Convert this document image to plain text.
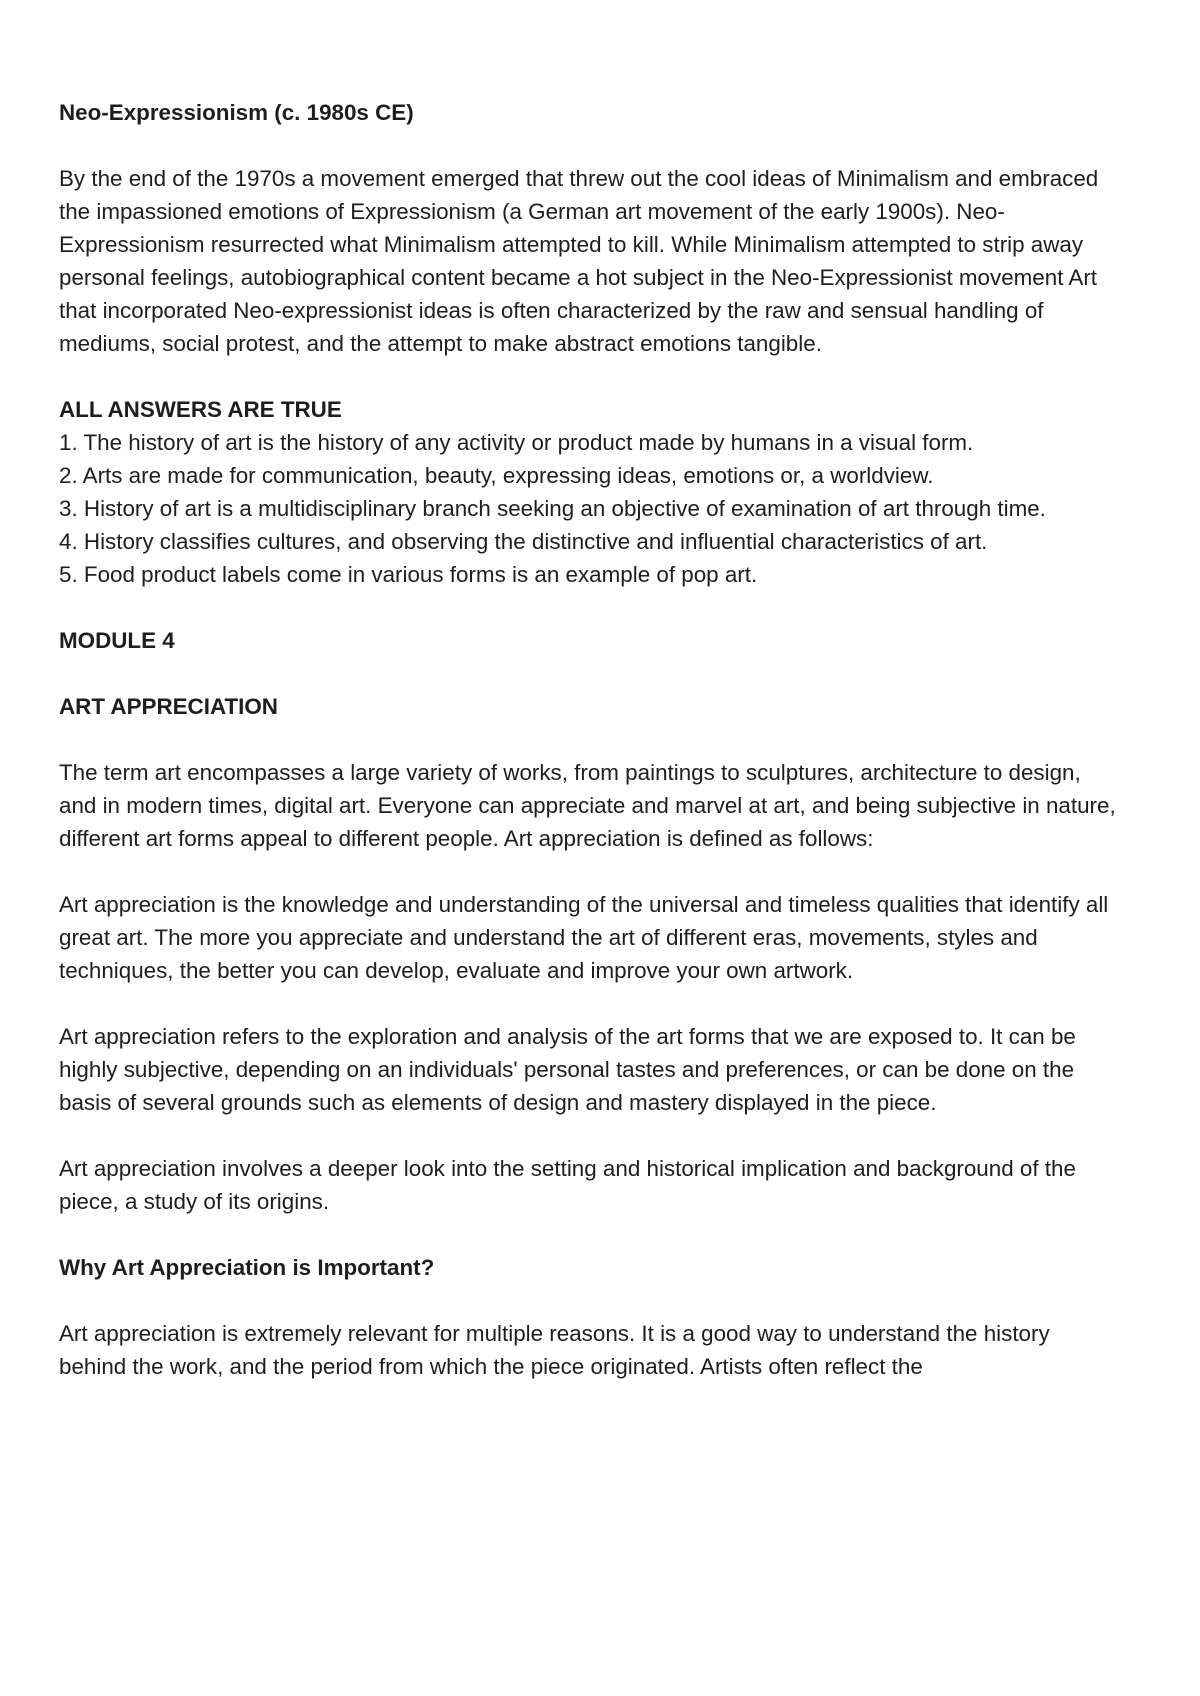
Neo-Expressionism (c. 1980s CE)

By the end of the 1970s a movement emerged that threw out the cool ideas of Minimalism and embraced the impassioned emotions of Expressionism (a German art movement of the early 1900s). Neo-Expressionism resurrected what Minimalism attempted to kill. While Minimalism attempted to strip away personal feelings, autobiographical content became a hot subject in the Neo-Expressionist movement Art that incorporated Neo-expressionist ideas is often characterized by the raw and sensual handling of mediums, social protest, and the attempt to make abstract emotions tangible.

ALL ANSWERS ARE TRUE

1. The history of art is the history of any activity or product made by humans in a visual form.

2. Arts are made for communication, beauty, expressing ideas, emotions or, a worldview.

3. History of art is a multidisciplinary branch seeking an objective of examination of art through time.

4. History classifies cultures, and observing the distinctive and influential characteristics of art.

5. Food product labels come in various forms is an example of pop art.

MODULE 4

ART APPRECIATION

The term art encompasses a large variety of works, from paintings to sculptures, architecture to design, and in modern times, digital art. Everyone can appreciate and marvel at art, and being subjective in nature, different art forms appeal to different people. Art appreciation is defined as follows:

Art appreciation is the knowledge and understanding of the universal and timeless qualities that identify all great art. The more you appreciate and understand the art of different eras, movements, styles and techniques, the better you can develop, evaluate and improve your own artwork.

Art appreciation refers to the exploration and analysis of the art forms that we are exposed to. It can be highly subjective, depending on an individuals' personal tastes and preferences, or can be done on the basis of several grounds such as elements of design and mastery displayed in the piece.

Art appreciation involves a deeper look into the setting and historical implication and background of the piece, a study of its origins.

Why Art Appreciation is Important?

Art appreciation is extremely relevant for multiple reasons. It is a good way to understand the history behind the work, and the period from which the piece originated. Artists often reflect the
